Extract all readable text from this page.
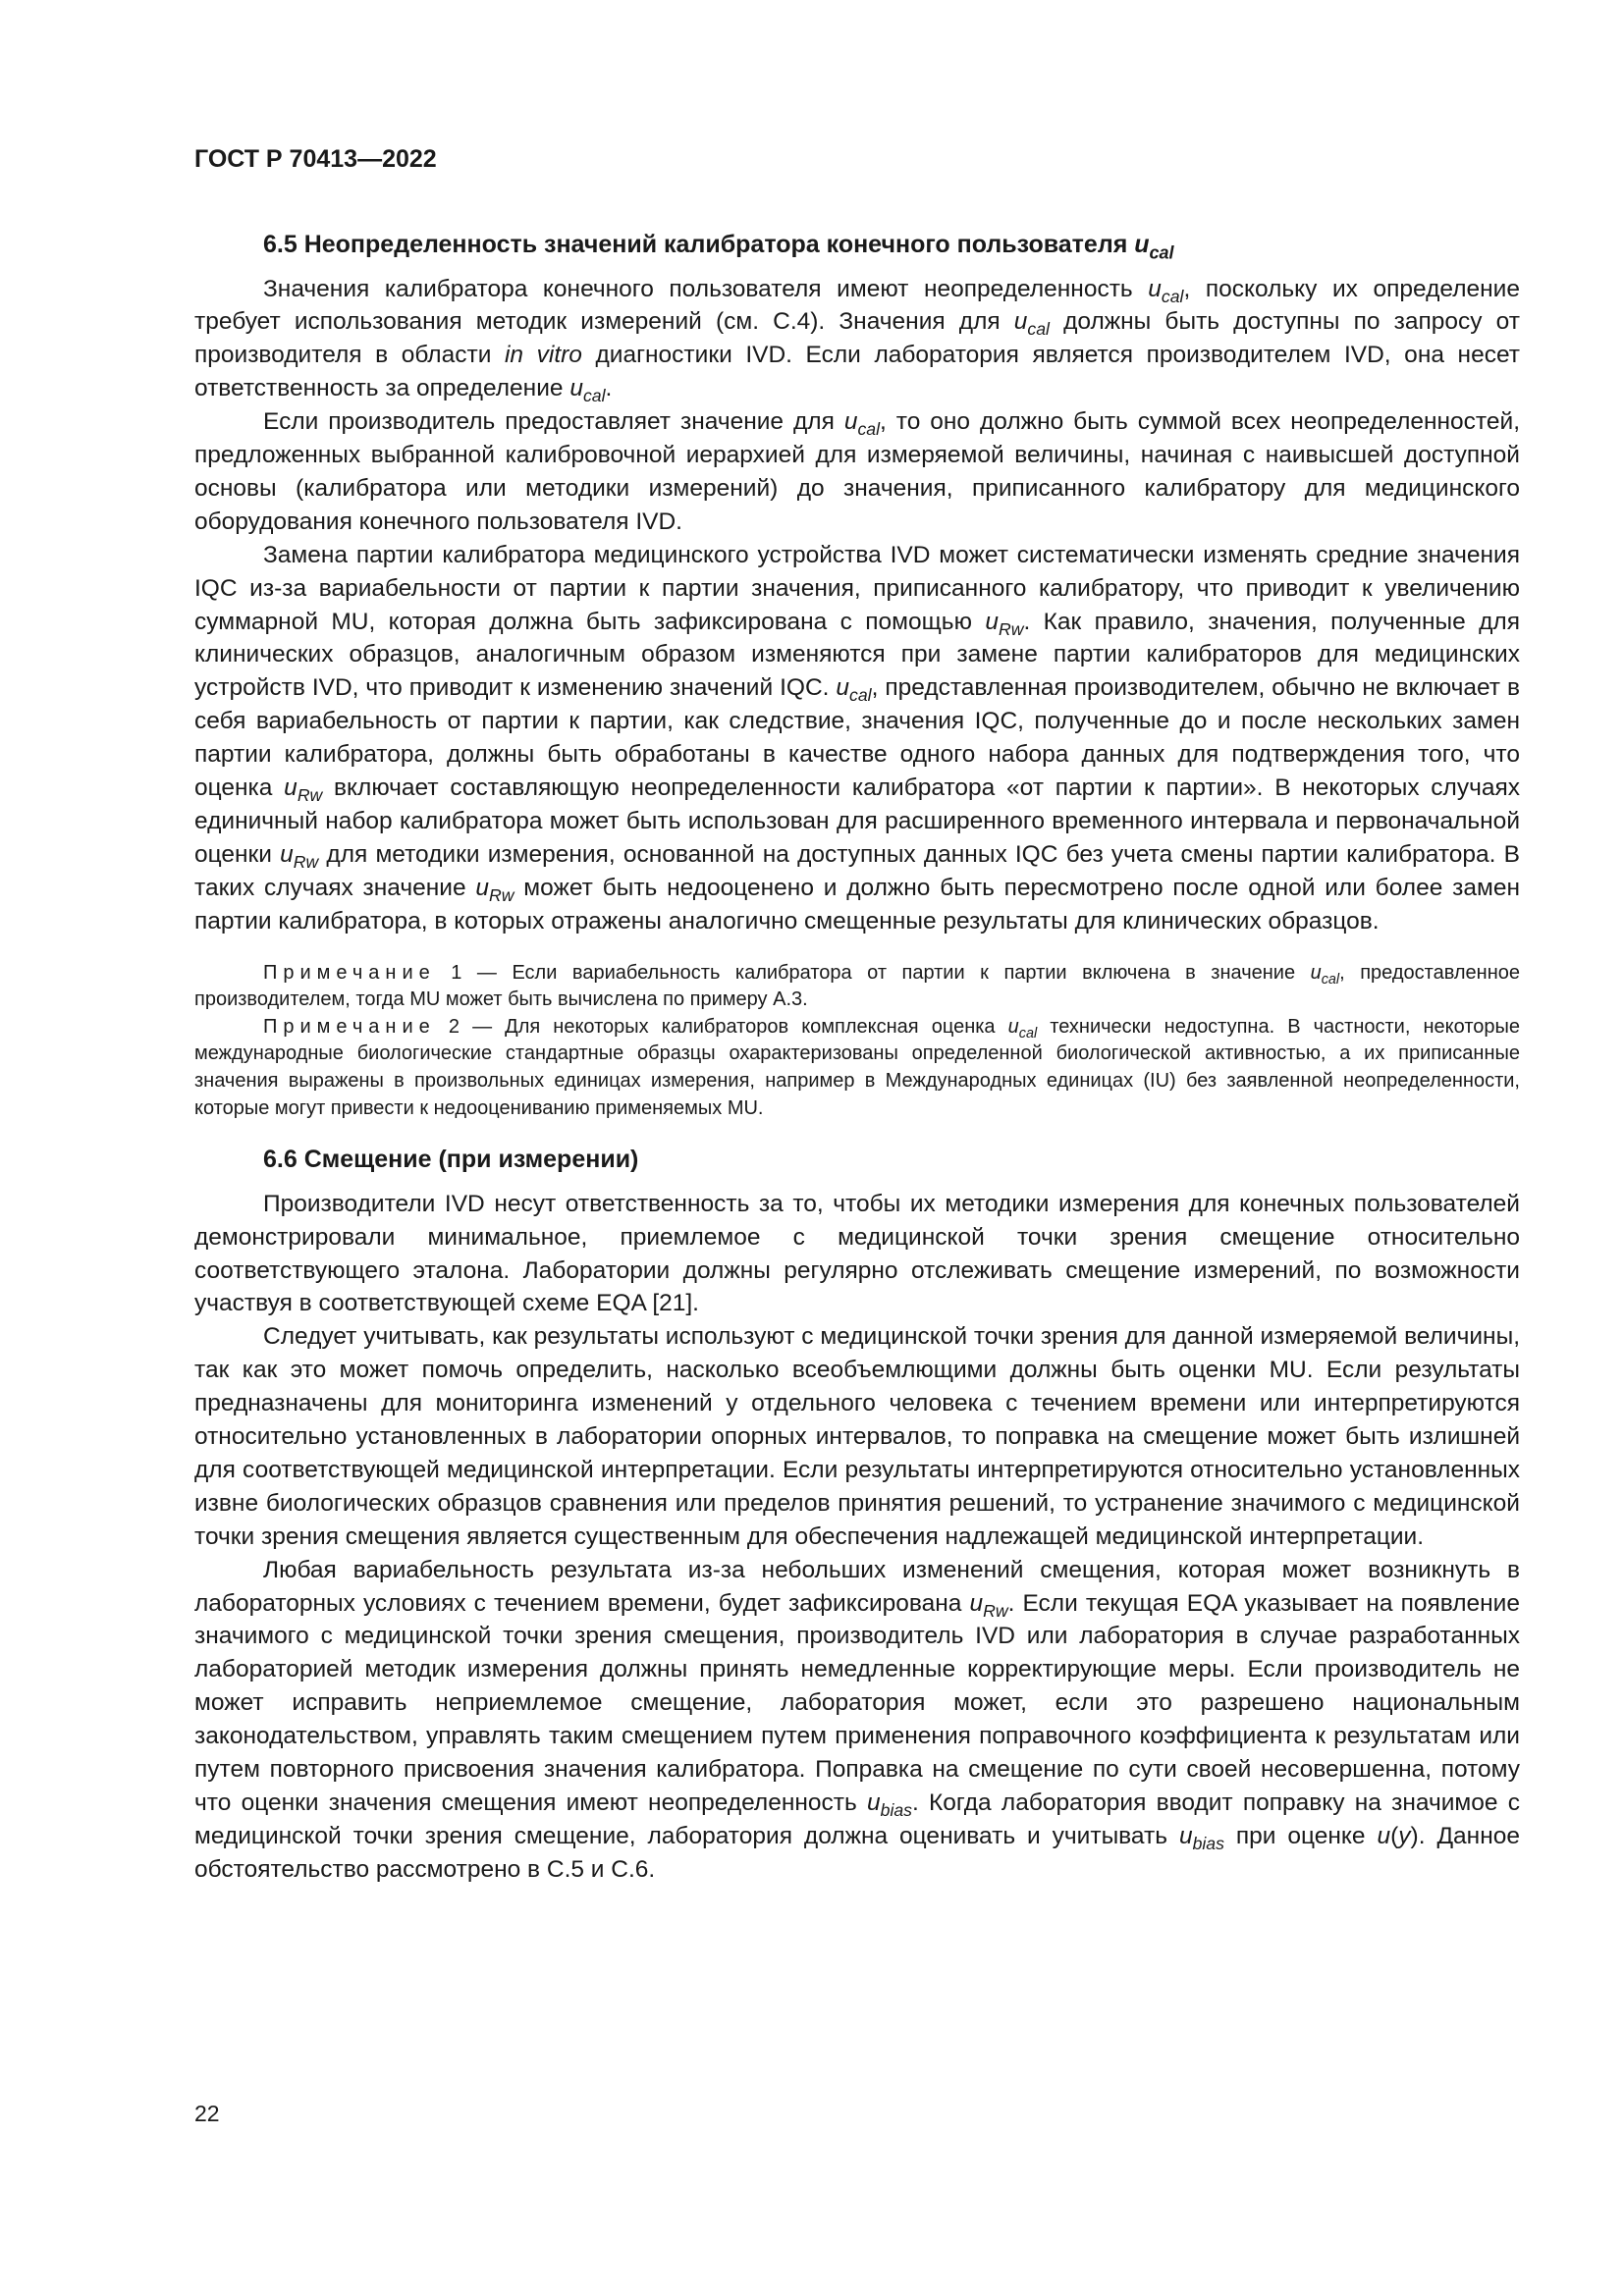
ГОСТ Р 70413—2022
6.5 Неопределенность значений калибратора конечного пользователя $u_{cal}$

Значения калибратора конечного пользователя имеют неопределенность $u_{cal}$, поскольку их определение требует использования методик измерений (см. C.4). Значения для $u_{cal}$ должны быть доступны по запросу от производителя в области in vitro диагностики IVD. Если лаборатория является производителем IVD, она несет ответственность за определение $u_{cal}$.

Если производитель предоставляет значение для $u_{cal}$, то оно должно быть суммой всех неопределенностей, предложенных выбранной калибровочной иерархией для измеряемой величины, начиная с наивысшей доступной основы (калибратора или методики измерений) до значения, приписанного калибратору для медицинского оборудования конечного пользователя IVD.

Замена партии калибратора медицинского устройства IVD может систематически изменять средние значения IQC из-за вариабельности от партии к партии значения, приписанного калибратору, что приводит к увеличению суммарной MU, которая должна быть зафиксирована с помощью $u_{Rw}$. Как правило, значения, полученные для клинических образцов, аналогичным образом изменяются при замене партии калибраторов для медицинских устройств IVD, что приводит к изменению значений IQC. $u_{cal}$, представленная производителем, обычно не включает в себя вариабельность от партии к партии, как следствие, значения IQC, полученные до и после нескольких замен партии калибратора, должны быть обработаны в качестве одного набора данных для подтверждения того, что оценка $u_{Rw}$ включает составляющую неопределенности калибратора «от партии к партии». В некоторых случаях единичный набор калибратора может быть использован для расширенного временного интервала и первоначальной оценки $u_{Rw}$ для методики измерения, основанной на доступных данных IQC без учета смены партии калибратора. В таких случаях значение $u_{Rw}$ может быть недооценено и должно быть пересмотрено после одной или более замен партии калибратора, в которых отражены аналогично смещенные результаты для клинических образцов.

Примечание 1 — Если вариабельность калибратора от партии к партии включена в значение $u_{cal}$, предоставленное производителем, тогда MU может быть вычислена по примеру А.3.

Примечание 2 — Для некоторых калибраторов комплексная оценка $u_{cal}$ технически недоступна. В частности, некоторые международные биологические стандартные образцы охарактеризованы определенной биологической активностью, а их приписанные значения выражены в произвольных единицах измерения, например в Международных единицах (IU) без заявленной неопределенности, которые могут привести к недооцениванию применяемых MU.

6.6 Смещение (при измерении)

Производители IVD несут ответственность за то, чтобы их методики измерения для конечных пользователей демонстрировали минимальное, приемлемое с медицинской точки зрения смещение относительно соответствующего эталона. Лаборатории должны регулярно отслеживать смещение измерений, по возможности участвуя в соответствующей схеме EQA [21].

Следует учитывать, как результаты используют с медицинской точки зрения для данной измеряемой величины, так как это может помочь определить, насколько всеобъемлющими должны быть оценки MU. Если результаты предназначены для мониторинга изменений у отдельного человека с течением времени или интерпретируются относительно установленных в лаборатории опорных интервалов, то поправка на смещение может быть излишней для соответствующей медицинской интерпретации. Если результаты интерпретируются относительно установленных извне биологических образцов сравнения или пределов принятия решений, то устранение значимого с медицинской точки зрения смещения является существенным для обеспечения надлежащей медицинской интерпретации.

Любая вариабельность результата из-за небольших изменений смещения, которая может возникнуть в лабораторных условиях с течением времени, будет зафиксирована $u_{Rw}$. Если текущая EQA указывает на появление значимого с медицинской точки зрения смещения, производитель IVD или лаборатория в случае разработанных лабораторией методик измерения должны принять немедленные корректирующие меры. Если производитель не может исправить неприемлемое смещение, лаборатория может, если это разрешено национальным законодательством, управлять таким смещением путем применения поправочного коэффициента к результатам или путем повторного присвоения значения калибратора. Поправка на смещение по сути своей несовершенна, потому что оценки значения смещения имеют неопределенность $u_{bias}$. Когда лаборатория вводит поправку на значимое с медицинской точки зрения смещение, лаборатория должна оценивать и учитывать $u_{bias}$ при оценке u(y). Данное обстоятельство рассмотрено в С.5 и С.6.

22
